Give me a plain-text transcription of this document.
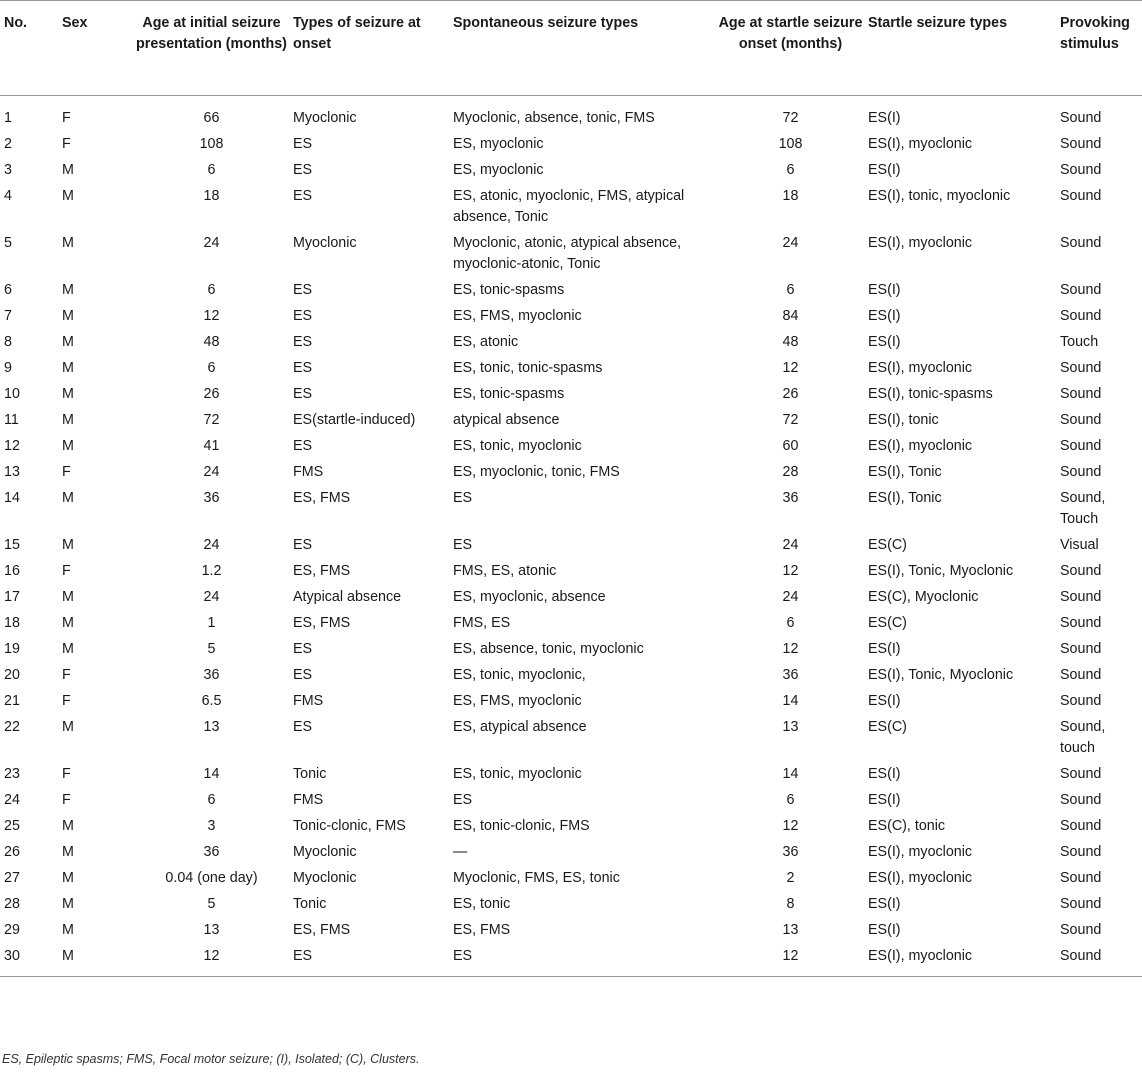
No.	Sex	Age at initial seizure presentation (months)	Types of seizure at onset	Spontaneous seizure types	Age at startle seizure onset (months)	Startle seizure types	Provoking stimulus
1	F	66	Myoclonic	Myoclonic, absence, tonic, FMS	72	ES(I)	Sound
2	F	108	ES	ES, myoclonic	108	ES(I), myoclonic	Sound
3	M	6	ES	ES, myoclonic	6	ES(I)	Sound
4	M	18	ES	ES, atonic, myoclonic, FMS, atypical absence, Tonic	18	ES(I), tonic, myoclonic	Sound
5	M	24	Myoclonic	Myoclonic, atonic, atypical absence, myoclonic-atonic, Tonic	24	ES(I), myoclonic	Sound
6	M	6	ES	ES, tonic-spasms	6	ES(I)	Sound
7	M	12	ES	ES, FMS, myoclonic	84	ES(I)	Sound
8	M	48	ES	ES, atonic	48	ES(I)	Touch
9	M	6	ES	ES, tonic, tonic-spasms	12	ES(I), myoclonic	Sound
10	M	26	ES	ES, tonic-spasms	26	ES(I), tonic-spasms	Sound
11	M	72	ES(startle-induced)	atypical absence	72	ES(I), tonic	Sound
12	M	41	ES	ES, tonic, myoclonic	60	ES(I), myoclonic	Sound
13	F	24	FMS	ES, myoclonic, tonic, FMS	28	ES(I), Tonic	Sound
14	M	36	ES, FMS	ES	36	ES(I), Tonic	Sound, Touch
15	M	24	ES	ES	24	ES(C)	Visual
16	F	1.2	ES, FMS	FMS, ES, atonic	12	ES(I), Tonic, Myoclonic	Sound
17	M	24	Atypical absence	ES, myoclonic, absence	24	ES(C), Myoclonic	Sound
18	M	1	ES, FMS	FMS, ES	6	ES(C)	Sound
19	M	5	ES	ES, absence, tonic, myoclonic	12	ES(I)	Sound
20	F	36	ES	ES, tonic, myoclonic,	36	ES(I), Tonic, Myoclonic	Sound
21	F	6.5	FMS	ES, FMS, myoclonic	14	ES(I)	Sound
22	M	13	ES	ES, atypical absence	13	ES(C)	Sound, touch
23	F	14	Tonic	ES, tonic, myoclonic	14	ES(I)	Sound
24	F	6	FMS	ES	6	ES(I)	Sound
25	M	3	Tonic-clonic, FMS	ES, tonic-clonic, FMS	12	ES(C), tonic	Sound
26	M	36	Myoclonic	—	36	ES(I), myoclonic	Sound
27	M	0.04 (one day)	Myoclonic	Myoclonic, FMS, ES, tonic	2	ES(I), myoclonic	Sound
28	M	5	Tonic	ES, tonic	8	ES(I)	Sound
29	M	13	ES, FMS	ES, FMS	13	ES(I)	Sound
30	M	12	ES	ES	12	ES(I), myoclonic	Sound
ES, Epileptic spasms; FMS, Focal motor seizure; (I), Isolated; (C), Clusters.
